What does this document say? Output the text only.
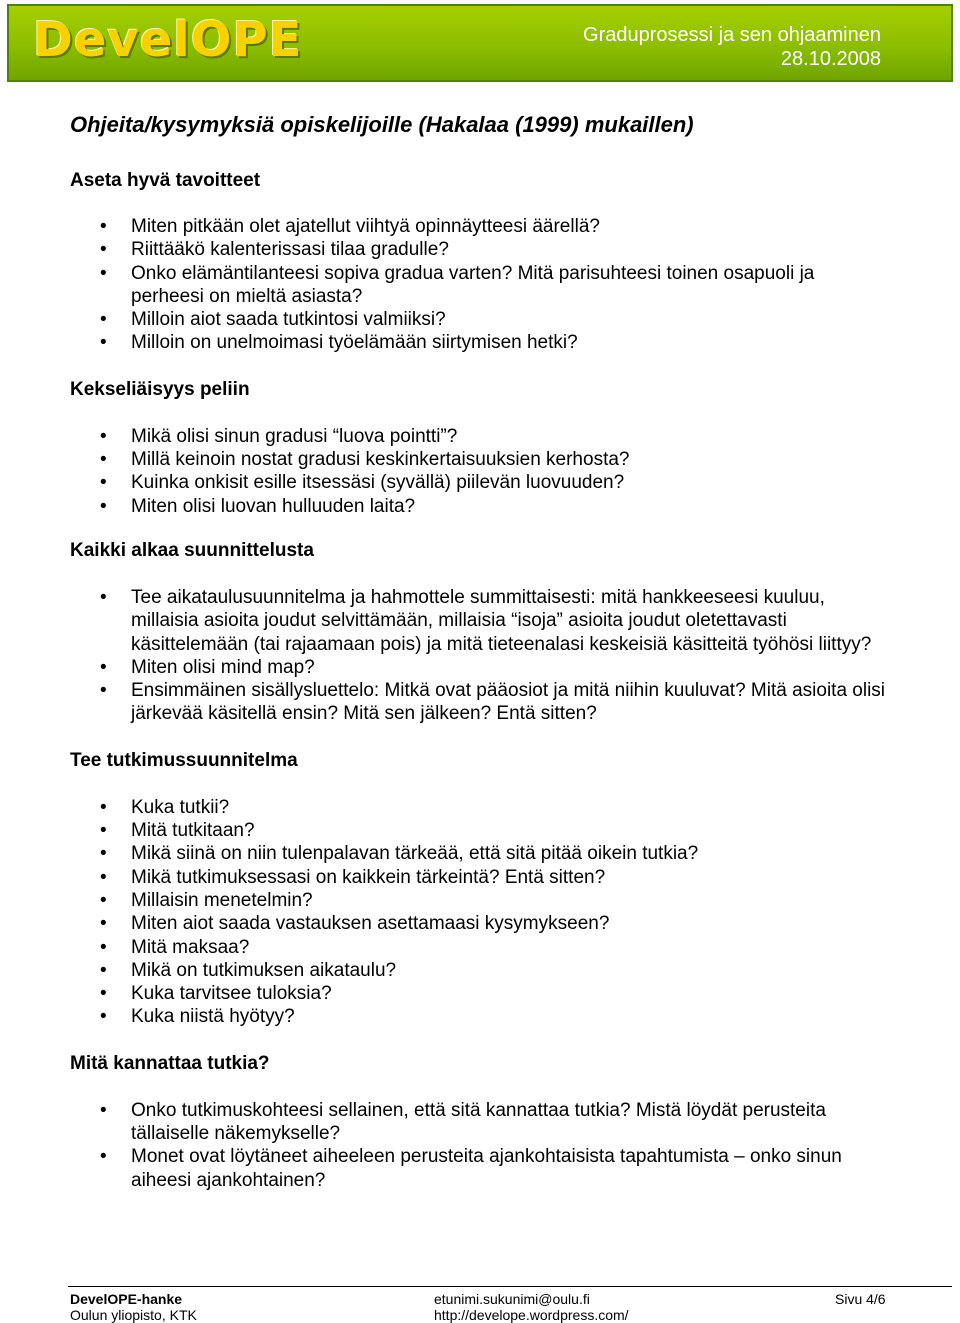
DevelOPE	Graduprosessi ja sen ohjaaminen
28.10.2008
Ohjeita/kysymyksiä opiskelijoille (Hakalaa (1999) mukaillen)
Aseta hyvä tavoitteet
• Miten pitkään olet ajatellut viihtyä opinnäytteesi äärellä?
• Riittääkö kalenterissasi tilaa gradulle?
• Onko elämäntilanteesi sopiva gradua varten? Mitä parisuhteesi toinen osapuoli ja perheesi on mieltä asiasta?
• Milloin aiot saada tutkintosi valmiiksi?
• Milloin on unelmoimasi työelämään siirtymisen hetki?
Kekseliäisyys peliin
• Mikä olisi sinun gradusi “luova pointti”?
• Millä keinoin nostat gradusi keskinkertaisuuksien kerhosta?
• Kuinka onkisit esille itsessäsi (syvällä) piilevän luovuuden?
• Miten olisi luovan hulluuden laita?
Kaikki alkaa suunnittelusta
• Tee aikataulusuunnitelma ja hahmottele summittaisesti: mitä hankkeeseesi kuuluu, millaisia asioita joudut selvittämään, millaisia “isoja” asioita joudut oletettavasti käsittelemään (tai rajaamaan pois) ja mitä tieteenalasi keskeisiä käsitteitä työhösi liittyy?
• Miten olisi mind map?
• Ensimmäinen sisällysluettelo: Mitkä ovat pääosiot ja mitä niihin kuuluvat? Mitä asioita olisi järkevää käsitellä ensin? Mitä sen jälkeen? Entä sitten?
Tee tutkimussuunnitelma
• Kuka tutkii?
• Mitä tutkitaan?
• Mikä siinä on niin tulenpalavan tärkeää, että sitä pitää oikein tutkia?
• Mikä tutkimuksessasi on kaikkein tärkeintä? Entä sitten?
• Millaisin menetelmin?
• Miten aiot saada vastauksen asettamaasi kysymykseen?
• Mitä maksaa?
• Mikä on tutkimuksen aikataulu?
• Kuka tarvitsee tuloksia?
• Kuka niistä hyötyy?
Mitä kannattaa tutkia?
• Onko tutkimuskohteesi sellainen, että sitä kannattaa tutkia? Mistä löydät perusteita tällaiselle näkemykselle?
• Monet ovat löytäneet aiheeleen perusteita ajankohtaisista tapahtumista – onko sinun aiheesi ajankohtainen?
DevelOPE-hanke
Oulun yliopisto, KTK
etunimi.sukunimi@oulu.fi
http://develope.wordpress.com/
Sivu 4/6
